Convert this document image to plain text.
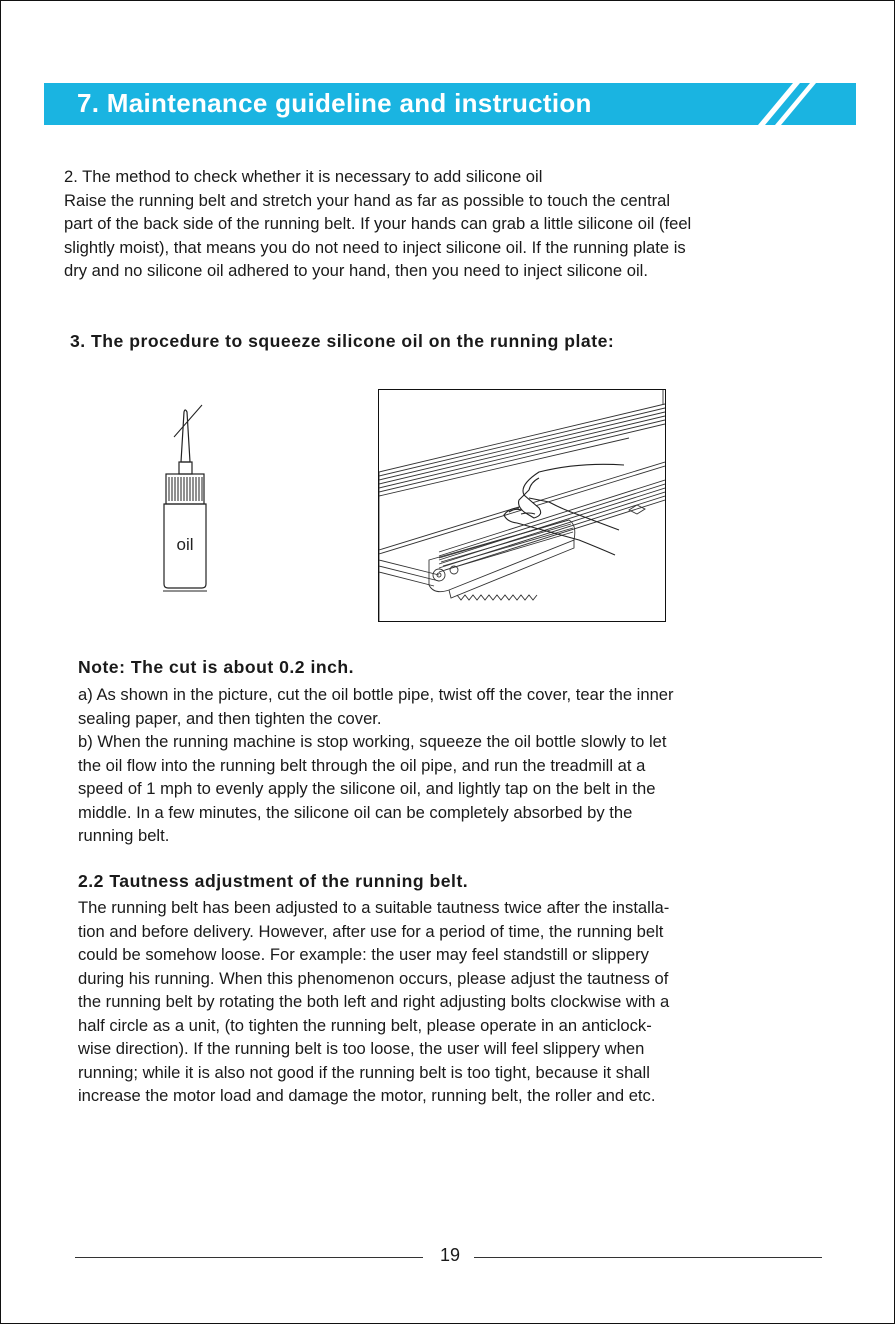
7. Maintenance guideline and instruction
2. The method to check whether it is necessary to add silicone oil
Raise the running belt and stretch your hand as far as possible to touch the central
part of the back side of the running belt. If your hands can grab a little silicone oil (feel
slightly moist), that means you do not need to inject silicone oil. If the running plate is
dry and no silicone oil adhered to your hand, then you need to inject silicone oil.
3. The procedure to squeeze silicone oil on the running plate:
oil
Note: The cut is about 0.2 inch.
a) As shown in the picture, cut the oil bottle pipe, twist off the cover, tear the inner
sealing paper, and then tighten the cover.
b) When the running machine is stop working, squeeze the oil bottle slowly to let
the oil flow into the running belt through the oil pipe, and run the treadmill at a
speed of 1 mph to evenly apply the silicone oil, and lightly tap on the belt in the
middle. In a few minutes, the silicone oil can be completely absorbed by the
running belt.
2.2 Tautness adjustment of the running belt.
The running belt has been adjusted to a suitable tautness twice after the installa-
tion and before delivery. However, after use for a period of time, the running belt
could be somehow loose. For example: the user may feel standstill or slippery
during his running. When this phenomenon occurs, please adjust the tautness of
the running belt by rotating the both left and right adjusting bolts clockwise with a
half circle as a unit, (to tighten the running belt, please operate in an anticlock-
wise direction). If the running belt is too loose, the user will feel slippery when
running; while it is also not good if the running belt is too tight, because it shall
increase the motor load and damage the motor, running belt, the roller and etc.
19
